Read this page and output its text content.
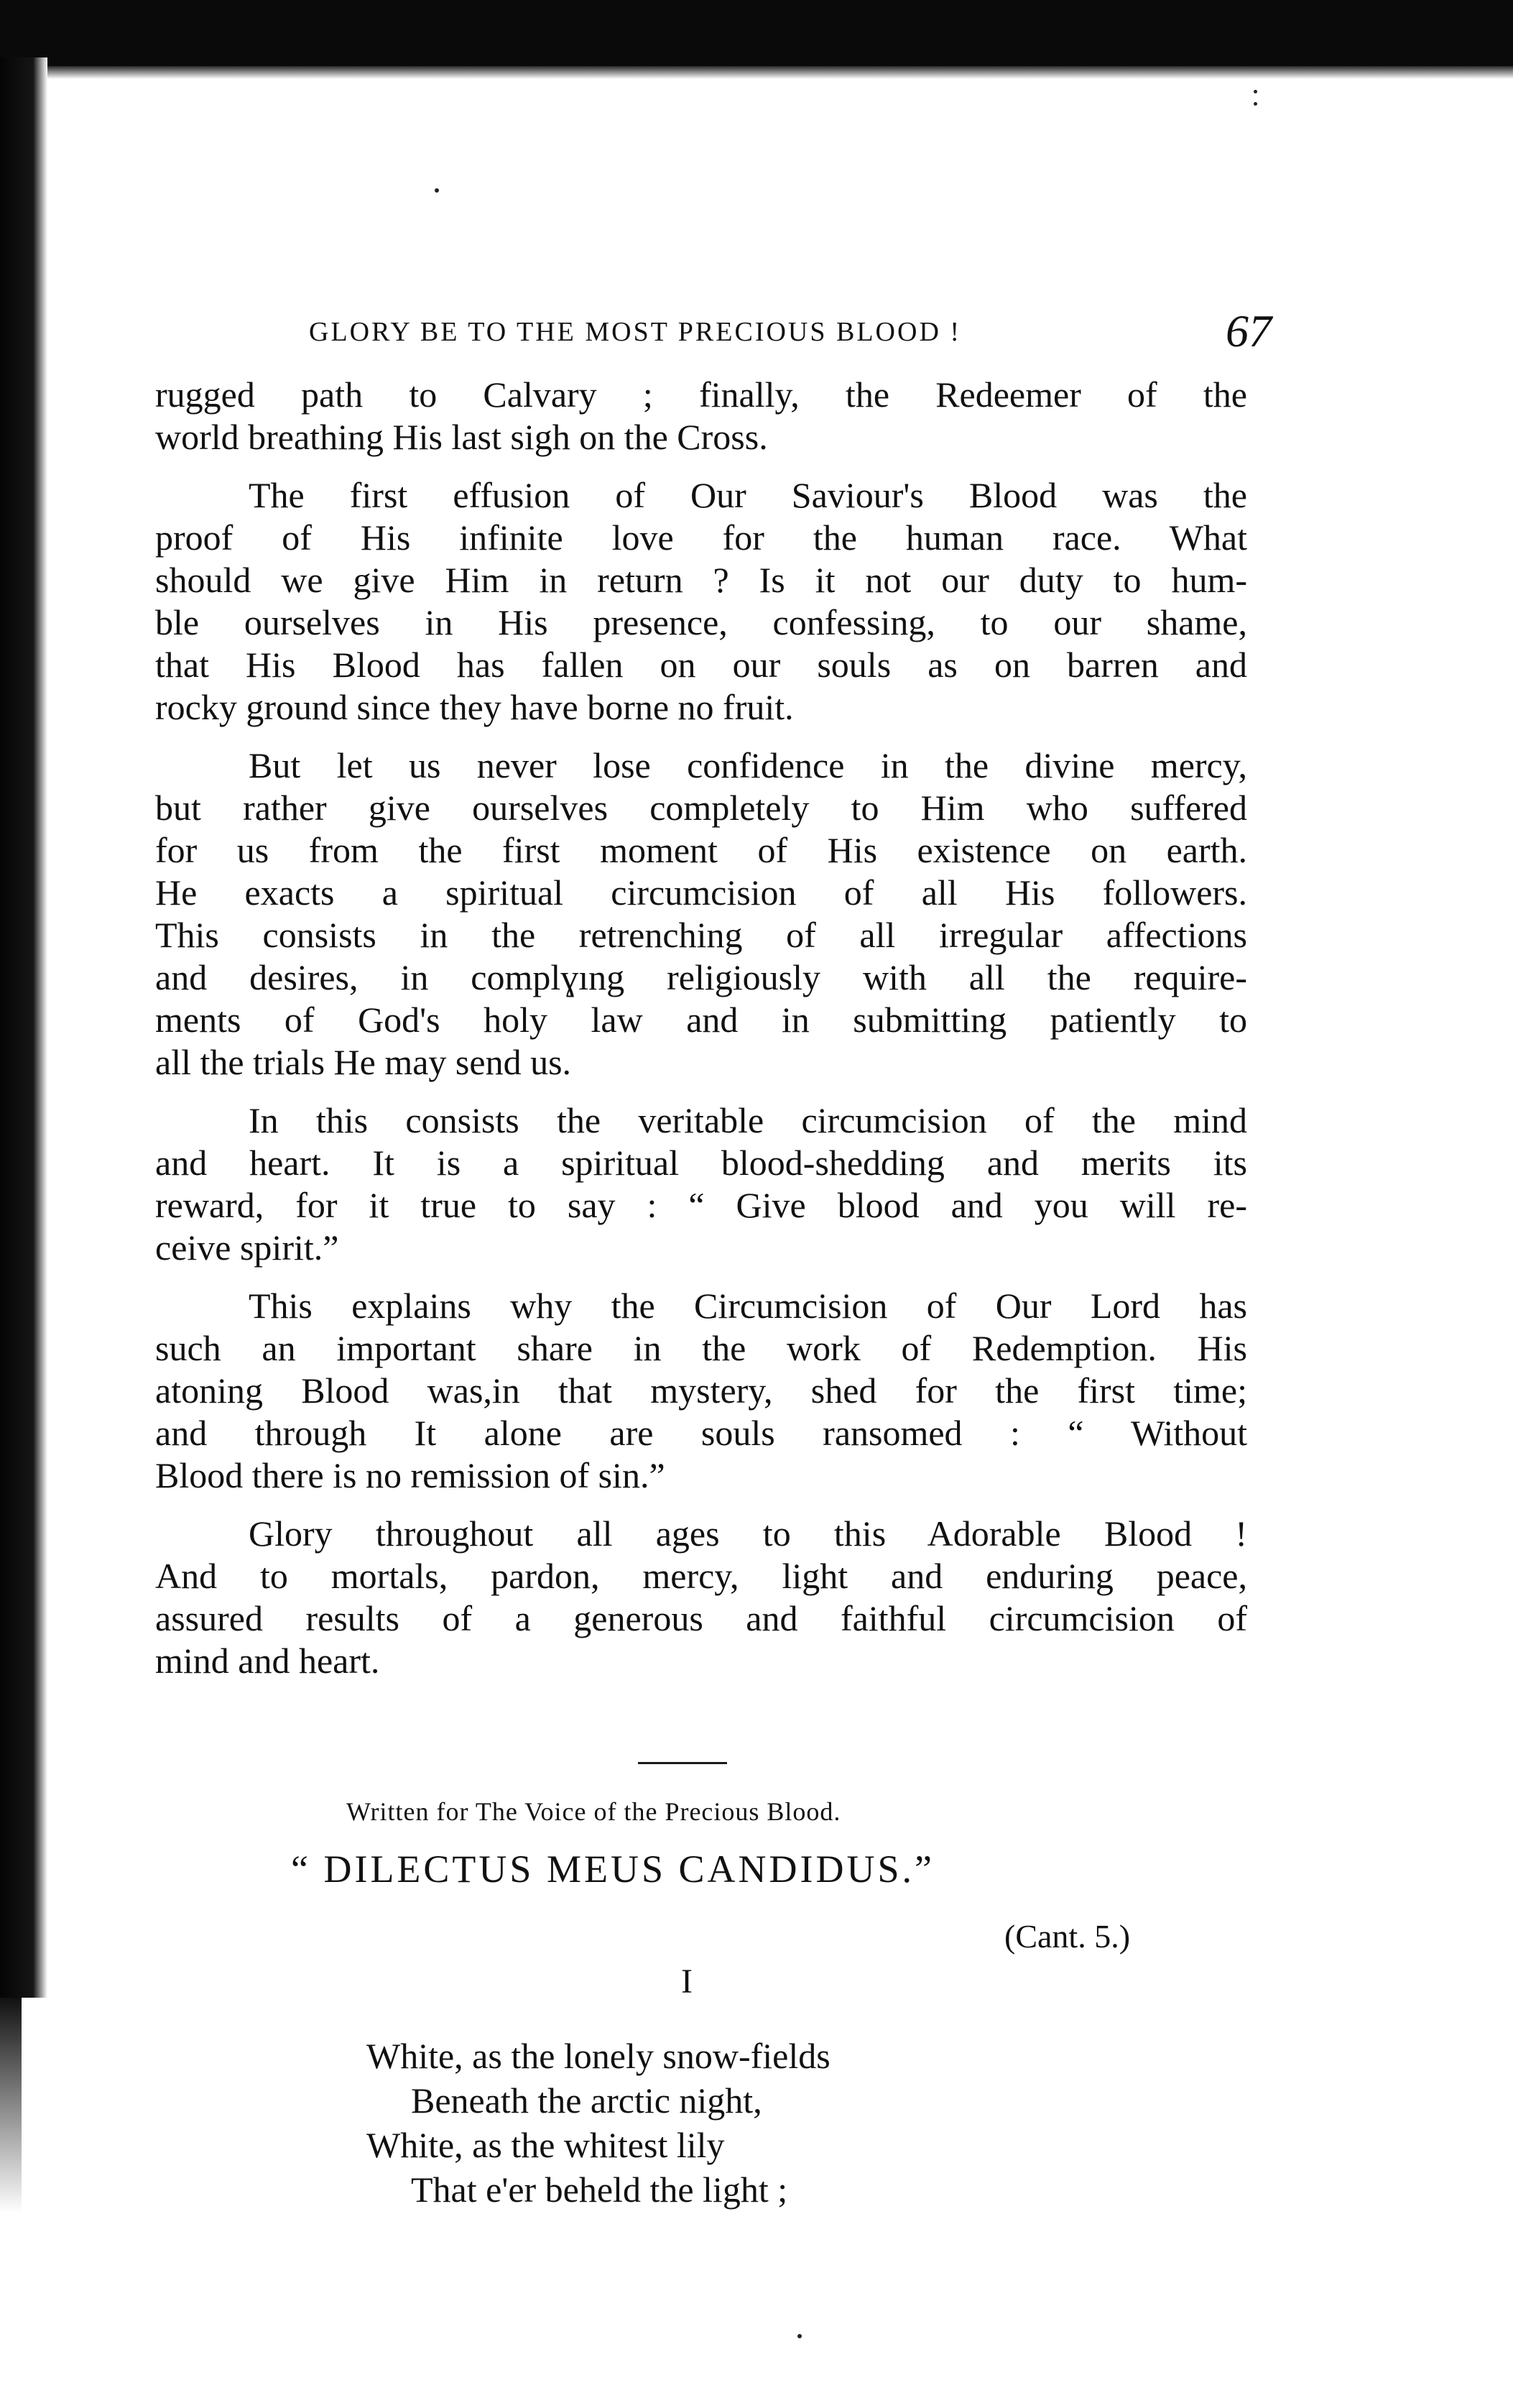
GLORY BE TO THE MOST PRECIOUS BLOOD !	67
rugged path to Calvary ; finally, the Redeemer of the
world breathing His last sigh on the Cross.
The first effusion of Our Saviour's Blood was the
proof of His infinite love for the human race. What
should we give Him in return ? Is it not our duty to hum-
ble ourselves in His presence, confessing, to our shame,
that His Blood has fallen on our souls as on barren and
rocky ground since they have borne no fruit.
But let us never lose confidence in the divine mercy,
but rather give ourselves completely to Him who suffered
for us from the first moment of His existence on earth.
He exacts a spiritual circumcision of all His followers.
This consists in the retrenching of all irregular affections
and desires, in complɣıng religiously with all the require-
ments of God's holy law and in submitting patiently to
all the trials He may send us.
In this consists the veritable circumcision of the mind
and heart. It is a spiritual blood-shedding and merits its
reward, for it true to say : “ Give blood and you will re-
ceive spirit.”
This explains why the Circumcision of Our Lord has
such an important share in the work of Redemption. His
atoning Blood was,in that mystery, shed for the first time;
and through It alone are souls ransomed : “ Without
Blood there is no remission of sin.”
Glory throughout all ages to this Adorable Blood !
And to mortals, pardon, mercy, light and enduring peace,
assured results of a generous and faithful circumcision of
mind and heart.
Written for The Voice of the Precious Blood.
“ DILECTUS MEUS CANDIDUS.”
(Cant. 5.)
I
White, as the lonely snow-fields
Beneath the arctic night,
White, as the whitest lily
That e'er beheld the light ;
